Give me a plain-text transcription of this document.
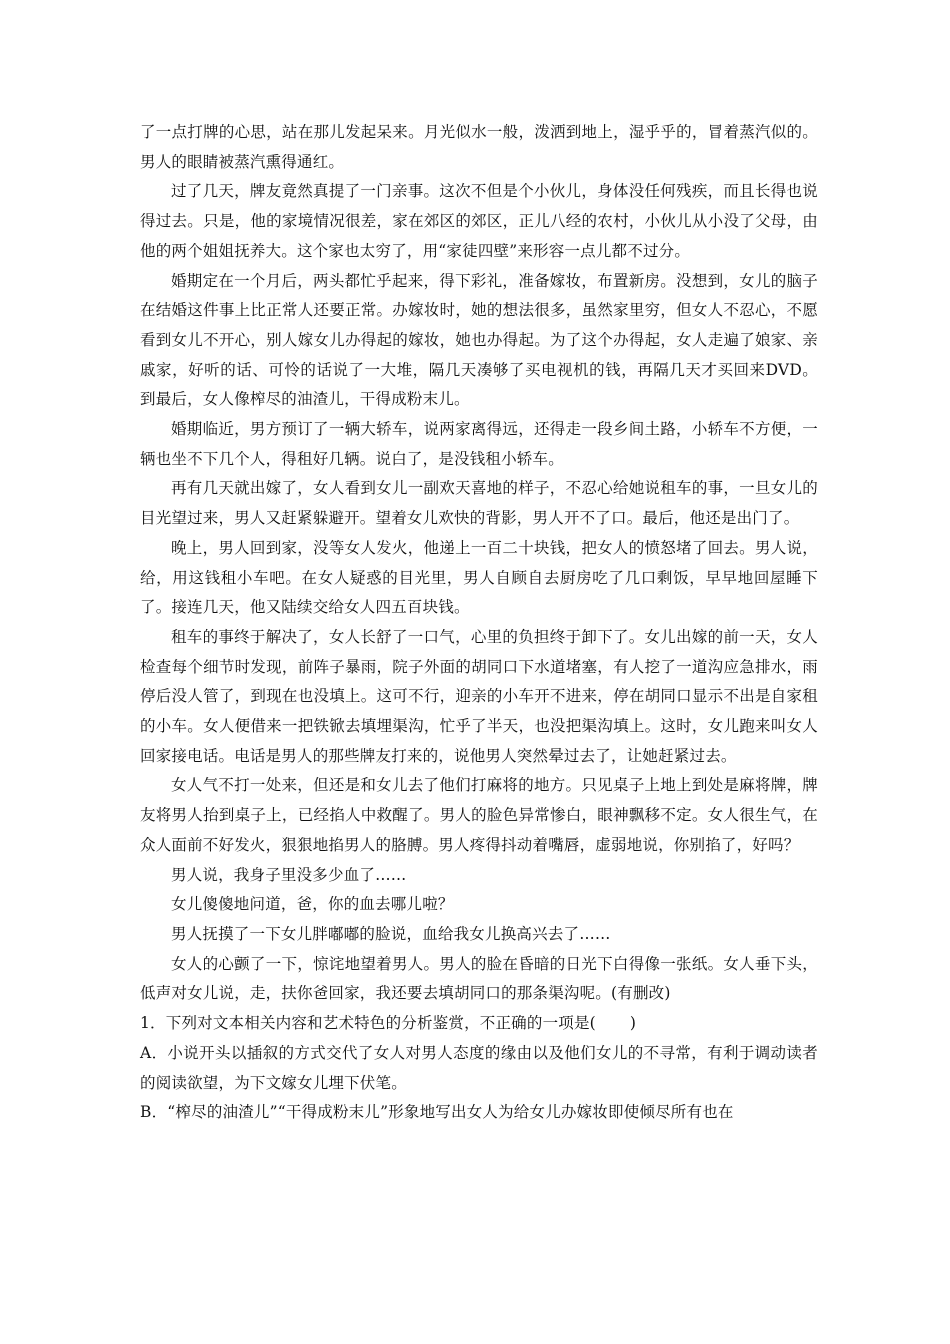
了一点打牌的心思，站在那儿发起呆来。月光似水一般，泼洒到地上，湿乎乎的，冒着蒸汽似的。男人的眼睛被蒸汽熏得通红。

过了几天，牌友竟然真提了一门亲事。这次不但是个小伙儿，身体没任何残疾，而且长得也说得过去。只是，他的家境情况很差，家在郊区的郊区，正儿八经的农村，小伙儿从小没了父母，由他的两个姐姐抚养大。这个家也太穷了，用“家徒四壁”来形容一点儿都不过分。

婚期定在一个月后，两头都忙乎起来，得下彩礼，准备嫁妆，布置新房。没想到，女儿的脑子在结婚这件事上比正常人还要正常。办嫁妆时，她的想法很多，虽然家里穷，但女人不忍心，不愿看到女儿不开心，别人嫁女儿办得起的嫁妆，她也办得起。为了这个办得起，女人走遍了娘家、亲戚家，好听的话、可怜的话说了一大堆，隔几天凑够了买电视机的钱，再隔几天才买回来DVD。到最后，女人像榨尽的油渣儿，干得成粉末儿。

婚期临近，男方预订了一辆大轿车，说两家离得远，还得走一段乡间土路，小轿车不方便，一辆也坐不下几个人，得租好几辆。说白了，是没钱租小轿车。

再有几天就出嫁了，女人看到女儿一副欢天喜地的样子，不忍心给她说租车的事，一旦女儿的目光望过来，男人又赶紧躲避开。望着女儿欢快的背影，男人开不了口。最后，他还是出门了。

晚上，男人回到家，没等女人发火，他递上一百二十块钱，把女人的愤怒堵了回去。男人说，给，用这钱租小车吧。在女人疑惑的目光里，男人自顾自去厨房吃了几口剩饭，早早地回屋睡下了。接连几天，他又陆续交给女人四五百块钱。

租车的事终于解决了，女人长舒了一口气，心里的负担终于卸下了。女儿出嫁的前一天，女人检查每个细节时发现，前阵子暴雨，院子外面的胡同口下水道堵塞，有人挖了一道沟应急排水，雨停后没人管了，到现在也没填上。这可不行，迎亲的小车开不进来，停在胡同口显示不出是自家租的小车。女人便借来一把铁锨去填埋渠沟，忙乎了半天，也没把渠沟填上。这时，女儿跑来叫女人回家接电话。电话是男人的那些牌友打来的，说他男人突然晕过去了，让她赶紧过去。

女人气不打一处来，但还是和女儿去了他们打麻将的地方。只见桌子上地上到处是麻将牌，牌友将男人抬到桌子上，已经掐人中救醒了。男人的脸色异常惨白，眼神飘移不定。女人很生气，在众人面前不好发火，狠狠地掐男人的胳膊。男人疼得抖动着嘴唇，虚弱地说，你别掐了，好吗？

男人说，我身子里没多少血了……

女儿傻傻地问道，爸，你的血去哪儿啦？

男人抚摸了一下女儿胖嘟嘟的脸说，血给我女儿换高兴去了……

女人的心颤了一下，惊诧地望着男人。男人的脸在昏暗的日光下白得像一张纸。女人垂下头，低声对女儿说，走，扶你爸回家，我还要去填胡同口的那条渠沟呢。(有删改)

1．下列对文本相关内容和艺术特色的分析鉴赏，不正确的一项是( )

A．小说开头以插叙的方式交代了女人对男人态度的缘由以及他们女儿的不寻常，有利于调动读者的阅读欲望，为下文嫁女儿埋下伏笔。

B．“榨尽的油渣儿”“干得成粉末儿”形象地写出女人为给女儿办嫁妆即使倾尽所有也在
